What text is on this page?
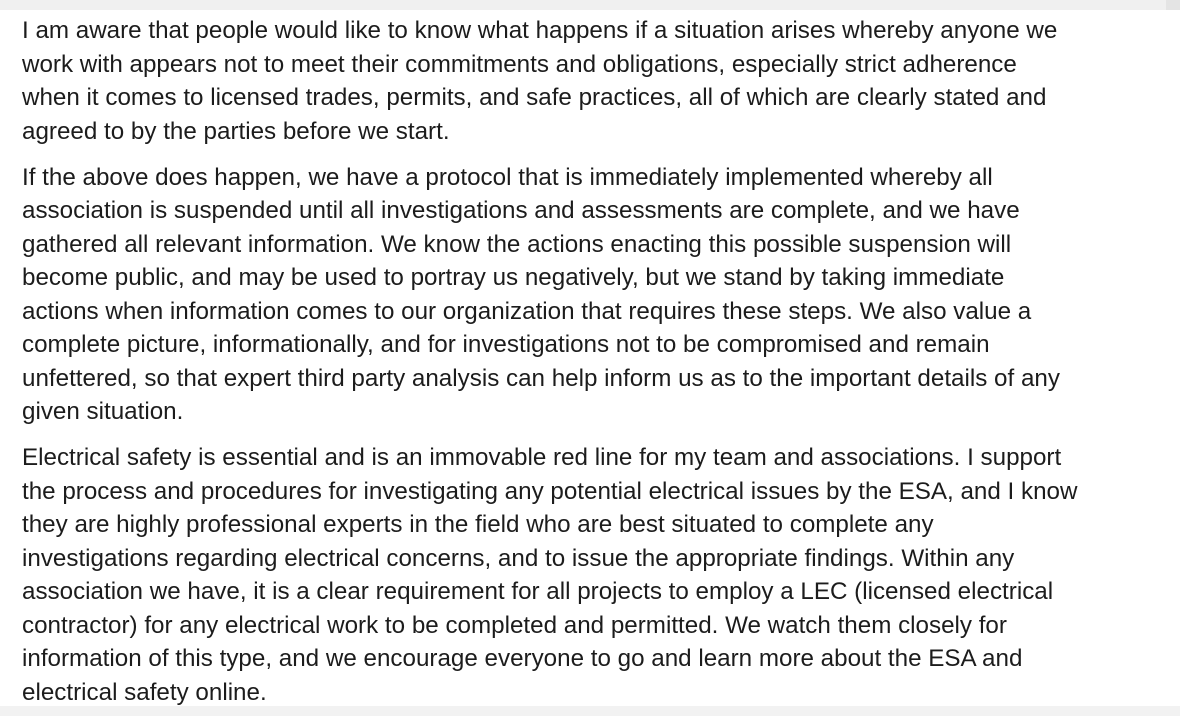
I am aware that people would like to know what happens if a situation arises whereby anyone we
work with appears not to meet their commitments and obligations, especially strict adherence
when it comes to licensed trades, permits, and safe practices, all of which are clearly stated and
agreed to by the parties before we start.

If the above does happen, we have a protocol that is immediately implemented whereby all
association is suspended until all investigations and assessments are complete, and we have
gathered all relevant information. We know the actions enacting this possible suspension will
become public, and may be used to portray us negatively, but we stand by taking immediate
actions when information comes to our organization that requires these steps. We also value a
complete picture, informationally, and for investigations not to be compromised and remain
unfettered, so that expert third party analysis can help inform us as to the important details of any
given situation.

Electrical safety is essential and is an immovable red line for my team and associations. I support
the process and procedures for investigating any potential electrical issues by the ESA, and I know
they are highly professional experts in the field who are best situated to complete any
investigations regarding electrical concerns, and to issue the appropriate findings. Within any
association we have, it is a clear requirement for all projects to employ a LEC (licensed electrical
contractor) for any electrical work to be completed and permitted. We watch them closely for
information of this type, and we encourage everyone to go and learn more about the ESA and
electrical safety online.
